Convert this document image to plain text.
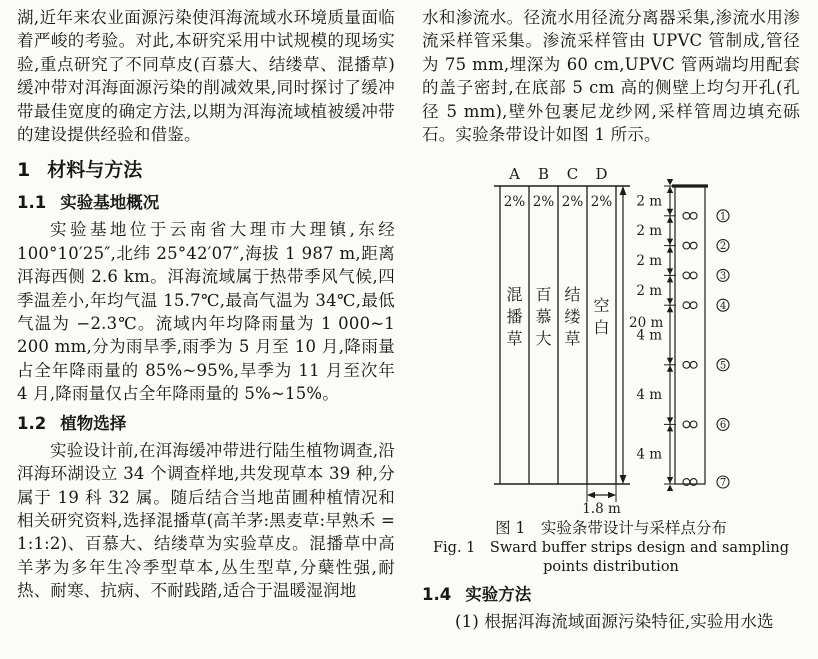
湖,近年来农业面源污染使洱海流域水环境质量面临着严峻的考验。对此,本研究采用中试规模的现场实验,重点研究了不同草皮(百慕大、结缕草、混播草)缓冲带对洱海面源污染的削减效果,同时探讨了缓冲带最佳宽度的确定方法,以期为洱海流域植被缓冲带的建设提供经验和借鉴。

1 材料与方法
1.1 实验基地概况

实验基地位于云南省大理市大理镇,东经 100°10′25″,北纬 25°42′07″,海拔 1 987 m,距离洱海西侧 2.6 km。洱海流域属于热带季风气候,四季温差小,年均气温 15.7℃,最高气温为 34℃,最低气温为 −2.3℃。流域内年均降雨量为 1 000~1 200 mm,分为雨旱季,雨季为 5 月至 10 月,降雨量占全年降雨量的 85%~95%,旱季为 11 月至次年 4 月,降雨量仅占全年降雨量的 5%~15%。

1.2 植物选择

实验设计前,在洱海缓冲带进行陆生植物调查,沿洱海环湖设立 34 个调查样地,共发现草本 39 种,分属于 19 科 32 属。随后结合当地苗圃种植情况和相关研究资料,选择混播草(高羊茅:黑麦草:早熟禾 = 1:1:2)、百慕大、结缕草为实验草皮。混播草中高羊茅为多年生冷季型草本,丛生型草,分蘖性强,耐热、耐寒、抗病、不耐践踏,适合于温暖湿润地

水和渗流水。径流水用径流分离器采集,渗流水用渗流采样管采集。渗流采样管由 UPVC 管制成,管径为 75 mm,埋深为 60 cm,UPVC 管两端均用配套的盖子密封,在底部 5 cm 高的侧壁上均匀开孔(孔径 5 mm),壁外包裹尼龙纱网,采样管周边填充砾石。实验条带设计如图 1 所示。

A
2%
混
播
草
B
2%
百
慕
大
C
2%
结
缕
草
D
2%
空
白 20 m
1.8 m
2 m
2 m
2 m
2 m
4 m
4 m
4 m
1
2
3
4
5
6
7
图 1　实验条带设计与采样点分布
Fig. 1　Sward buffer strips design and sampling
points distribution
1.4 实验方法

(1) 根据洱海流域面源污染特征,实验用水选
